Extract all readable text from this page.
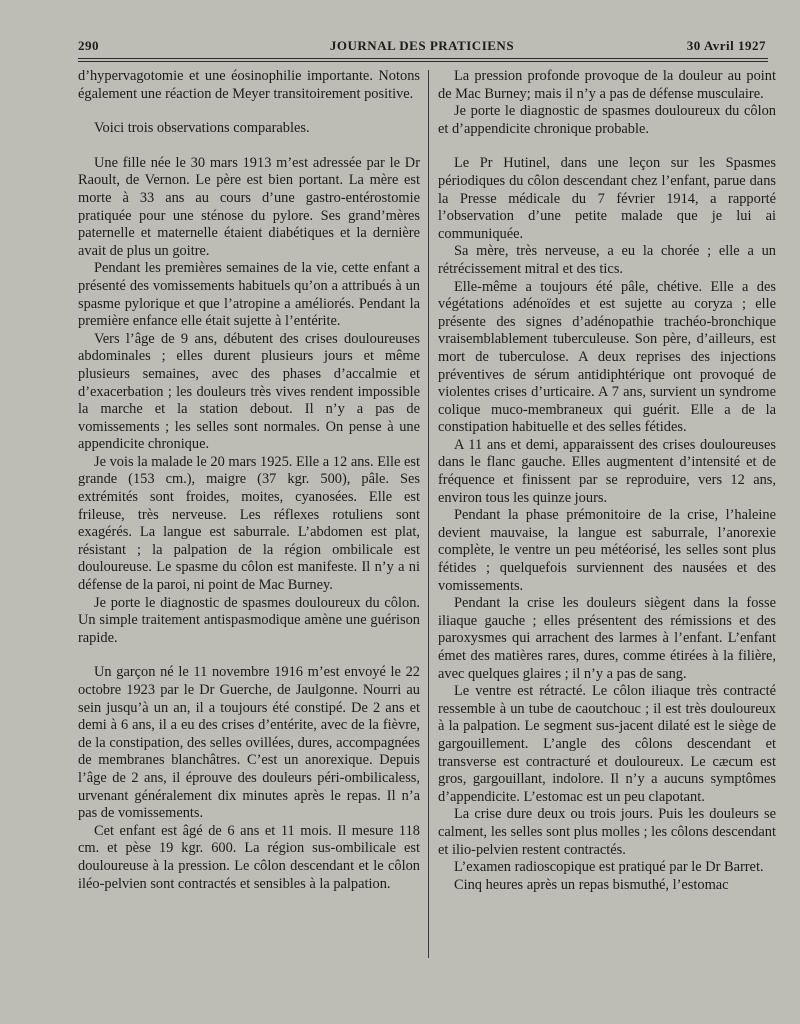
290	JOURNAL DES PRATICIENS	30 Avril 1927

d’hypervagotomie et une éosinophilie importante. Notons également une réaction de Meyer transitoirement positive.

Voici trois observations comparables.

Une fille née le 30 mars 1913 m’est adressée par le Dr Raoult, de Vernon. Le père est bien portant. La mère est morte à 33 ans au cours d’une gastro-entérostomie pratiquée pour une sténose du pylore. Ses grand’mères paternelle et maternelle étaient diabétiques et la dernière avait de plus un goitre.

Pendant les premières semaines de la vie, cette enfant a présenté des vomissements habituels qu’on a attribués à un spasme pylorique et que l’atropine a améliorés. Pendant la première enfance elle était sujette à l’entérite.

Vers l’âge de 9 ans, débutent des crises douloureuses abdominales ; elles durent plusieurs jours et même plusieurs semaines, avec des phases d’accalmie et d’exacerbation ; les douleurs très vives rendent impossible la marche et la station debout. Il n’y a pas de vomissements ; les selles sont normales. On pense à une appendicite chronique.

Je vois la malade le 20 mars 1925. Elle a 12 ans. Elle est grande (153 cm.), maigre (37 kgr. 500), pâle. Ses extrémités sont froides, moites, cyanosées. Elle est frileuse, très nerveuse. Les réflexes rotuliens sont exagérés. La langue est saburrale. L’abdomen est plat, résistant ; la palpation de la région ombilicale est douloureuse. Le spasme du côlon est manifeste. Il n’y a ni défense de la paroi, ni point de Mac Burney.

Je porte le diagnostic de spasmes douloureux du côlon. Un simple traitement antispasmodique amène une guérison rapide.

Un garçon né le 11 novembre 1916 m’est envoyé le 22 octobre 1923 par le Dr Guerche, de Jaulgonne. Nourri au sein jusqu’à un an, il a toujours été constipé. De 2 ans et demi à 6 ans, il a eu des crises d’entérite, avec de la fièvre, de la constipation, des selles ovillées, dures, accompagnées de membranes blanchâtres. C’est un anorexique. Depuis l’âge de 2 ans, il éprouve des douleurs péri-ombilicaless, urvenant généralement dix minutes après le repas. Il n’a pas de vomissements.

Cet enfant est âgé de 6 ans et 11 mois. Il mesure 118 cm. et pèse 19 kgr. 600. La région sus-ombilicale est douloureuse à la pression. Le côlon descendant et le côlon iléo-pelvien sont contractés et sensibles à la palpation.

La pression profonde provoque de la douleur au point de Mac Burney; mais il n’y a pas de défense musculaire.

Je porte le diagnostic de spasmes douloureux du côlon et d’appendicite chronique probable.

Le Pr Hutinel, dans une leçon sur les Spasmes périodiques du côlon descendant chez l’enfant, parue dans la Presse médicale du 7 février 1914, a rapporté l’observation d’une petite malade que je lui ai communiquée.

Sa mère, très nerveuse, a eu la chorée ; elle a un rétrécissement mitral et des tics.

Elle-même a toujours été pâle, chétive. Elle a des végétations adénoïdes et est sujette au coryza ; elle présente des signes d’adénopathie trachéo-bronchique vraisemblablement tuberculeuse. Son père, d’ailleurs, est mort de tuberculose. A deux reprises des injections préventives de sérum antidiphtérique ont provoqué de violentes crises d’urticaire. A 7 ans, survient un syndrome colique muco-membraneux qui guérit. Elle a de la constipation habituelle et des selles fétides.

A 11 ans et demi, apparaissent des crises douloureuses dans le flanc gauche. Elles augmentent d’intensité et de fréquence et finissent par se reproduire, vers 12 ans, environ tous les quinze jours.

Pendant la phase prémonitoire de la crise, l’haleine devient mauvaise, la langue est saburrale, l’anorexie complète, le ventre un peu météorisé, les selles sont plus fétides ; quelquefois surviennent des nausées et des vomissements.

Pendant la crise les douleurs siègent dans la fosse iliaque gauche ; elles présentent des rémissions et des paroxysmes qui arrachent des larmes à l’enfant. L’enfant émet des matières rares, dures, comme étirées à la filière, avec quelques glaires ; il n’y a pas de sang.

Le ventre est rétracté. Le côlon iliaque très contracté ressemble à un tube de caoutchouc ; il est très douloureux à la palpation. Le segment sus-jacent dilaté est le siège de gargouillement. L’angle des côlons descendant et transverse est contracturé et douloureux. Le cæcum est gros, gargouillant, indolore. Il n’y a aucuns symptômes d’appendicite. L’estomac est un peu clapotant.

La crise dure deux ou trois jours. Puis les douleurs se calment, les selles sont plus molles ; les côlons descendant et ilio-pelvien restent contractés.

L’examen radioscopique est pratiqué par le Dr Barret.

Cinq heures après un repas bismuthé, l’estomac
